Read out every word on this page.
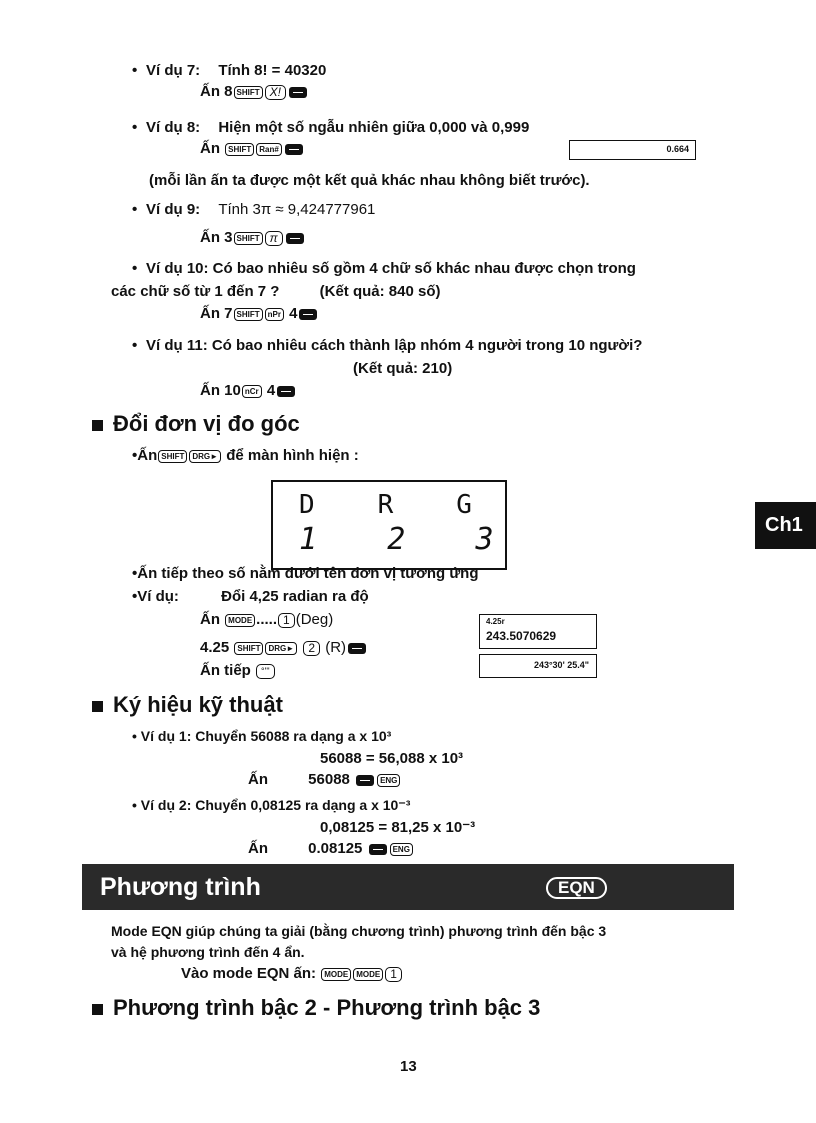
• Ví dụ 7: Tính 8! = 40320
Ấn 8 SHIFT X!
• Ví dụ 8: Hiện một số ngẫu nhiên giữa 0,000 và 0,999
Ấn SHIFT Ran#	0.664
(mỗi lần ấn ta được một kết quả khác nhau không biết trước).
• Ví dụ 9: Tính 3π ≈ 9,424777961
Ấn 3 SHIFT π
• Ví dụ 10: Có bao nhiêu số gồm 4 chữ số khác nhau được chọn trong
các chữ số từ 1 đến 7 ?	(Kết quả: 840 số)
Ấn 7 SHIFT nPr 4
• Ví dụ 11: Có bao nhiêu cách thành lập nhóm 4 người trong 10 người?
(Kết quả: 210)
Ấn 10 nCr 4
Đổi đơn vị đo góc
•Ấn SHIFT DRG► để màn hình hiện :
D   R   G
1   2   3
•Ấn tiếp theo số nằm dưới tên đơn vị tương ứng
•Ví dụ:	Đổi 4,25 radian ra độ
Ấn MODE ..... 1 (Deg)
4.25 SHIFT DRG► 2 (R)
Ấn tiếp °'"
4.25r
243.5070629
243°30' 25.4"
Ký hiệu kỹ thuật
• Ví dụ 1: Chuyển 56088 ra dạng a x 10³
56088 = 56,088 x 10³
Ấn	56088	ENG
• Ví dụ 2: Chuyển 0,08125 ra dạng a x 10⁻³
0,08125 = 81,25 x 10⁻³
Ấn	0.08125	ENG
Phương trình	EQN
Mode EQN giúp chúng ta giải (bằng chương trình) phương trình đến bậc 3
và hệ phương trình đến 4 ẩn.
Vào mode EQN ấn: MODE MODE 1
Phương trình bậc 2 - Phương trình bậc 3
Ch1
13
